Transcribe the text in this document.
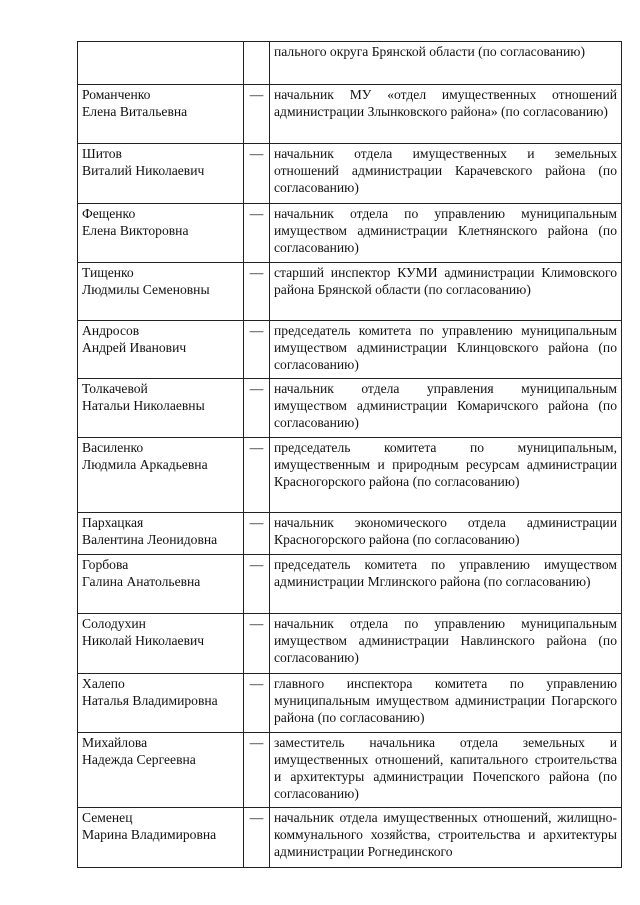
		пального округа Брянской области (по согласованию)

Романченко
Елена Витальевна	—	начальник МУ «отдел имущественных отношений администрации Злынковского района» (по согласованию)

Шитов
Виталий Николаевич	—	начальник отдела имущественных и земельных отношений администрации Карачевского района (по согласованию)

Фещенко
Елена Викторовна	—	начальник отдела по управлению муниципальным имуществом администрации Клетнянского района (по согласованию)

Тищенко
Людмилы Семеновны	—	старший инспектор КУМИ администрации Климовского района Брянской области (по согласованию)

Андросов
Андрей Иванович	—	председатель комитета по управлению муниципальным имуществом администрации Клинцовского района (по согласованию)

Толкачевой
Натальи Николаевны	—	начальник отдела управления муниципальным имуществом администрации Комаричского района (по согласованию)

Василенко
Людмила Аркадьевна	—	председатель комитета по муниципальным, имущественным и природным ресурсам администрации Красногорского района (по согласованию)

Пархацкая
Валентина Леонидовна	—	начальник экономического отдела администрации Красногорского района (по согласованию)

Горбова
Галина Анатольевна	—	председатель комитета по управлению имуществом администрации Мглинского района (по согласованию)

Солодухин
Николай Николаевич	—	начальник отдела по управлению муниципальным имуществом администрации Навлинского района (по согласованию)

Халепо
Наталья Владимировна	—	главного инспектора комитета по управлению муниципальным имуществом администрации Погарского района (по согласованию)

Михайлова
Надежда Сергеевна	—	заместитель начальника отдела земельных и имущественных отношений, капитального строительства и архитектуры администрации Почепского района (по согласованию)

Семенец
Марина Владимировна	—	начальник отдела имущественных отношений, жилищно-коммунального хозяйства, строительства и архитектуры администрации Рогнединского
